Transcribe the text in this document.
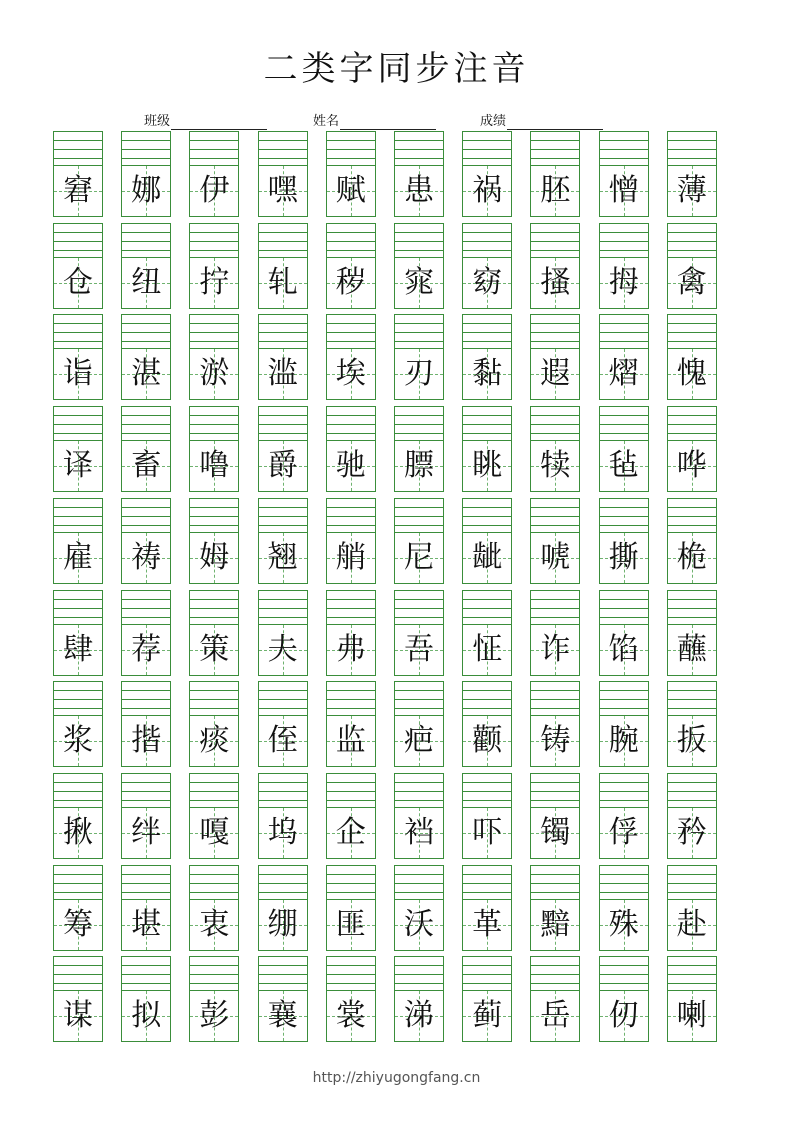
二类字同步注音
班级	姓名	成绩
窘	娜	伊	嘿	赋	患	祸	胚	憎	薄
仓	纽	拧	轧	秽	窕	窈	搔	拇	禽
诣	湛	淤	滥	埃	刃	黏	遐	熠	愧
译	畜	噜	爵	驰	膘	眺	犊	毡	哗
雇	祷	姆	翘	艄	尼	龇	唬	撕	桅
肆	荐	策	夫	弗	吾	怔	诈	馅	蘸
浆	揩	痰	侄	监	疤	颧	铸	腕	扳
揪	绊	嘎	坞	企	裆	吓	镯	俘	矜
筹	堪	衷	绷	匪	沃	革	黯	殊	赴
谋	拟	彭	襄	裳	涕	蓟	岳	仞	喇
http://zhiyugongfang.cn
